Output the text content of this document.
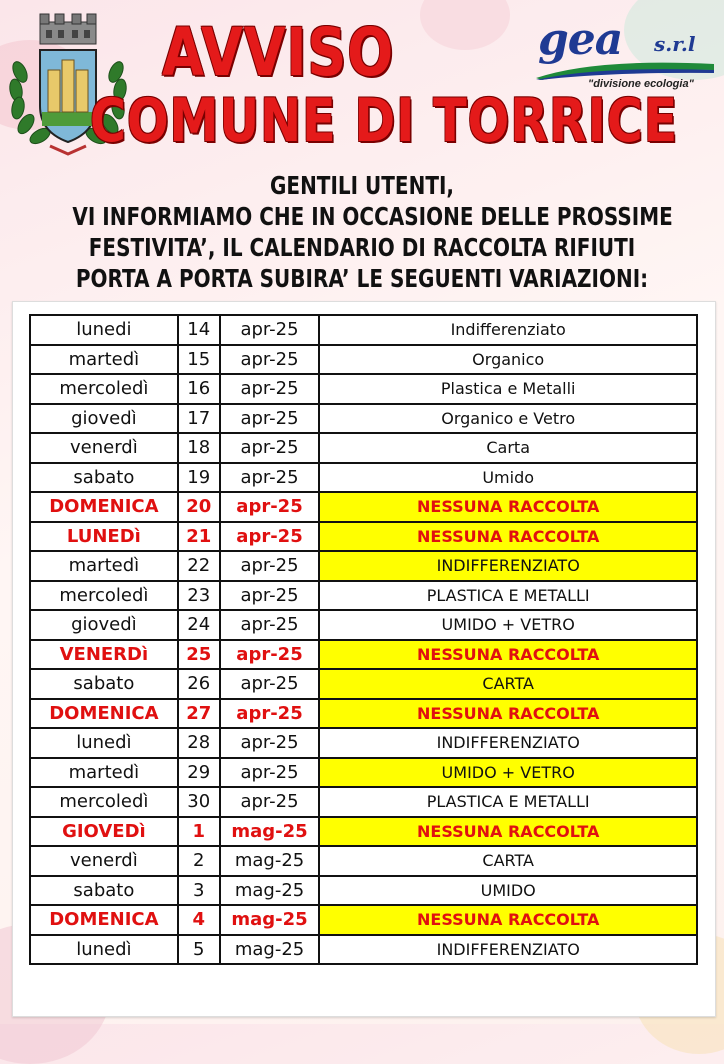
AVVISO
COMUNE DI TORRICE
gea s.r.l
"divisione ecologia"
GENTILI UTENTI,
VI INFORMIAMO CHE IN OCCASIONE DELLE PROSSIME
FESTIVITA’, IL CALENDARIO DI RACCOLTA RIFIUTI
PORTA A PORTA SUBIRA’ LE SEGUENTI VARIAZIONI:
lunedi	14	apr-25	Indifferenziato
martedì	15	apr-25	Organico
mercoledì	16	apr-25	Plastica e Metalli
giovedì	17	apr-25	Organico e Vetro
venerdì	18	apr-25	Carta
sabato	19	apr-25	Umido
DOMENICA	20	apr-25	NESSUNA RACCOLTA
LUNEDì	21	apr-25	NESSUNA RACCOLTA
martedì	22	apr-25	INDIFFERENZIATO
mercoledì	23	apr-25	PLASTICA E METALLI
giovedì	24	apr-25	UMIDO + VETRO
VENERDì	25	apr-25	NESSUNA RACCOLTA
sabato	26	apr-25	CARTA
DOMENICA	27	apr-25	NESSUNA RACCOLTA
lunedì	28	apr-25	INDIFFERENZIATO
martedì	29	apr-25	UMIDO + VETRO
mercoledì	30	apr-25	PLASTICA E METALLI
GIOVEDì	1	mag-25	NESSUNA RACCOLTA
venerdì	2	mag-25	CARTA
sabato	3	mag-25	UMIDO
DOMENICA	4	mag-25	NESSUNA RACCOLTA
lunedì	5	mag-25	INDIFFERENZIATO
